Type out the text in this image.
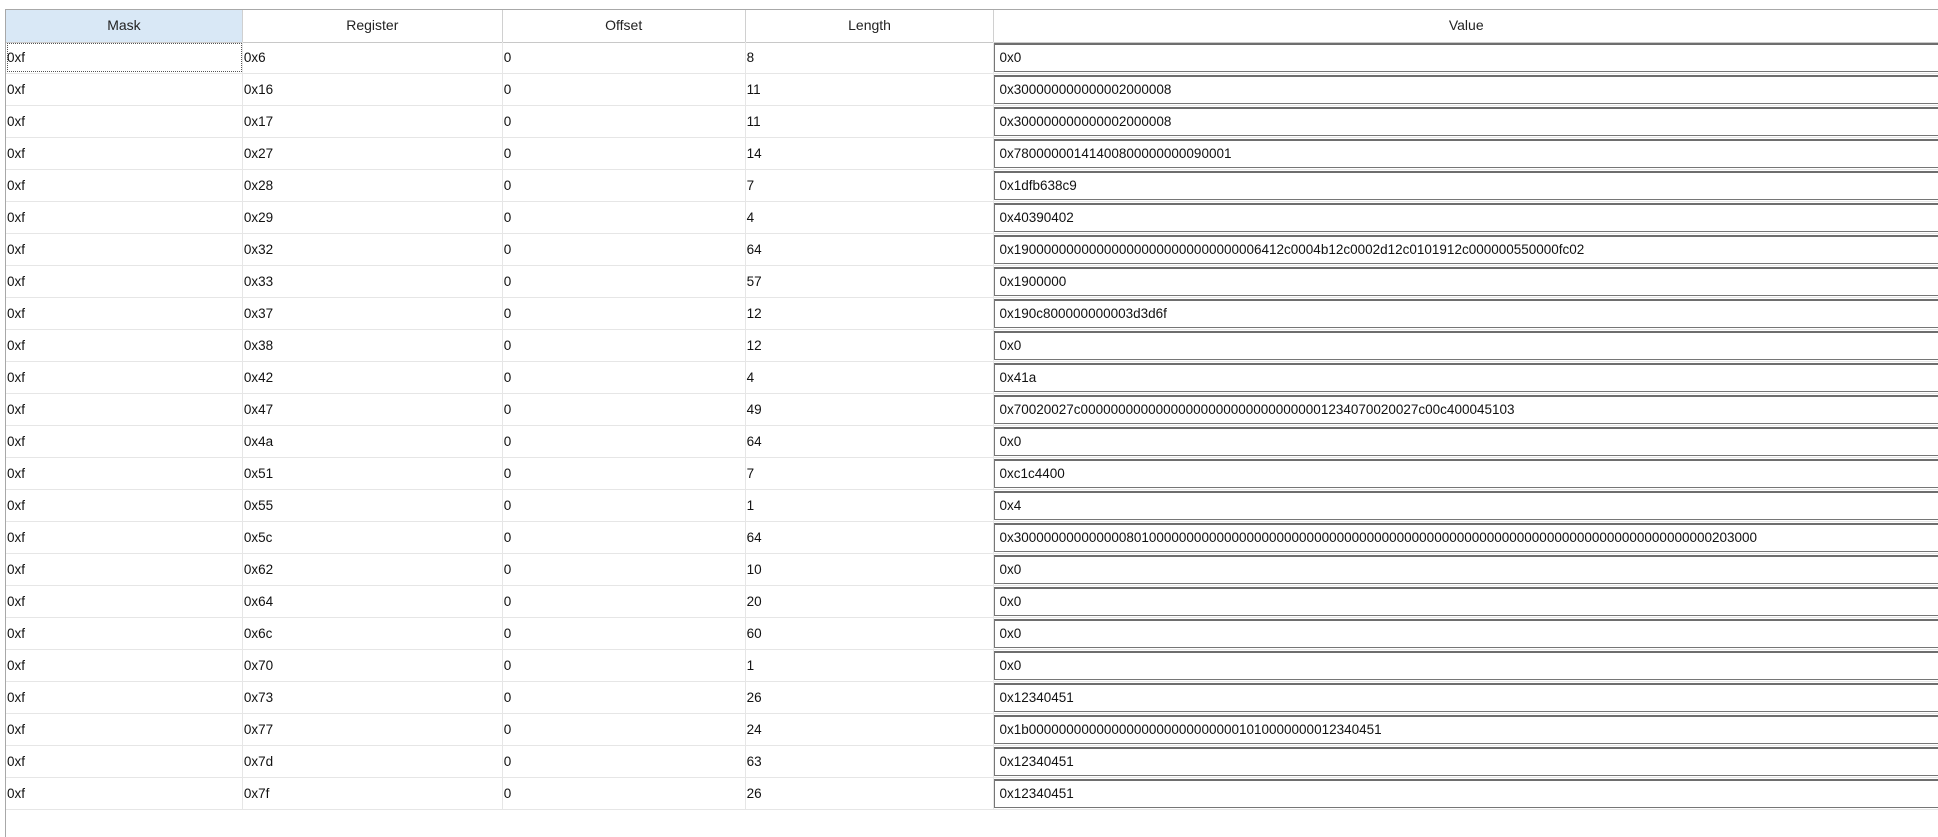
Mask	Register	Offset	Length	Value
0xf	0x6	0	8	0x0
0xf	0x16	0	11	0x300000000000002000008
0xf	0x17	0	11	0x300000000000002000008
0xf	0x27	0	14	0x78000000141400800000000090001
0xf	0x28	0	7	0x1dfb638c9
0xf	0x29	0	4	0x40390402
0xf	0x32	0	64	0x190000000000000000000000000000006412c0004b12c0002d12c0101912c000000550000fc02
0xf	0x33	0	57	0x1900000
0xf	0x37	0	12	0x190c800000000003d3d6f
0xf	0x38	0	12	0x0
0xf	0x42	0	4	0x41a
0xf	0x47	0	49	0x70020027c000000000000000000000000000000001234070020027c00c400045103
0xf	0x4a	0	64	0x0
0xf	0x51	0	7	0xc1c4400
0xf	0x55	0	1	0x4
0xf	0x5c	0	64	0x300000000000000801000000000000000000000000000000000000000000000000000000000000000000000000000203000
0xf	0x62	0	10	0x0
0xf	0x64	0	20	0x0
0xf	0x6c	0	60	0x0
0xf	0x70	0	1	0x0
0xf	0x73	0	26	0x12340451
0xf	0x77	0	24	0x1b00000000000000000000000000001010000000012340451
0xf	0x7d	0	63	0x12340451
0xf	0x7f	0	26	0x12340451
